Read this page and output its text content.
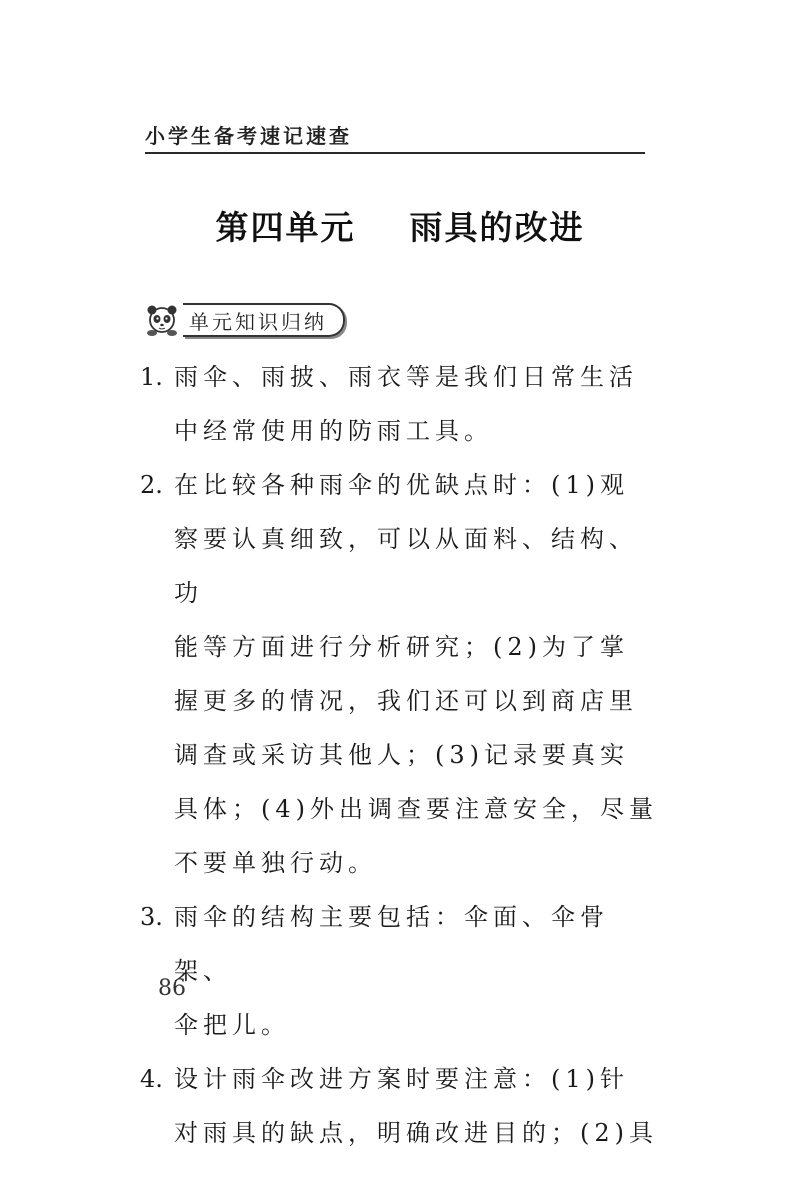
小学生备考速记速查
第四单元    雨具的改进
单元知识归纳
1. 雨伞、雨披、雨衣等是我们日常生活
中经常使用的防雨工具。
2. 在比较各种雨伞的优缺点时：(1)观
察要认真细致，可以从面料、结构、功
能等方面进行分析研究；(2)为了掌
握更多的情况，我们还可以到商店里
调查或采访其他人；(3)记录要真实
具体；(4)外出调查要注意安全，尽量
不要单独行动。
3. 雨伞的结构主要包括：伞面、伞骨架、
伞把儿。
4. 设计雨伞改进方案时要注意：(1)针
对雨具的缺点，明确改进目的；(2)具
86
